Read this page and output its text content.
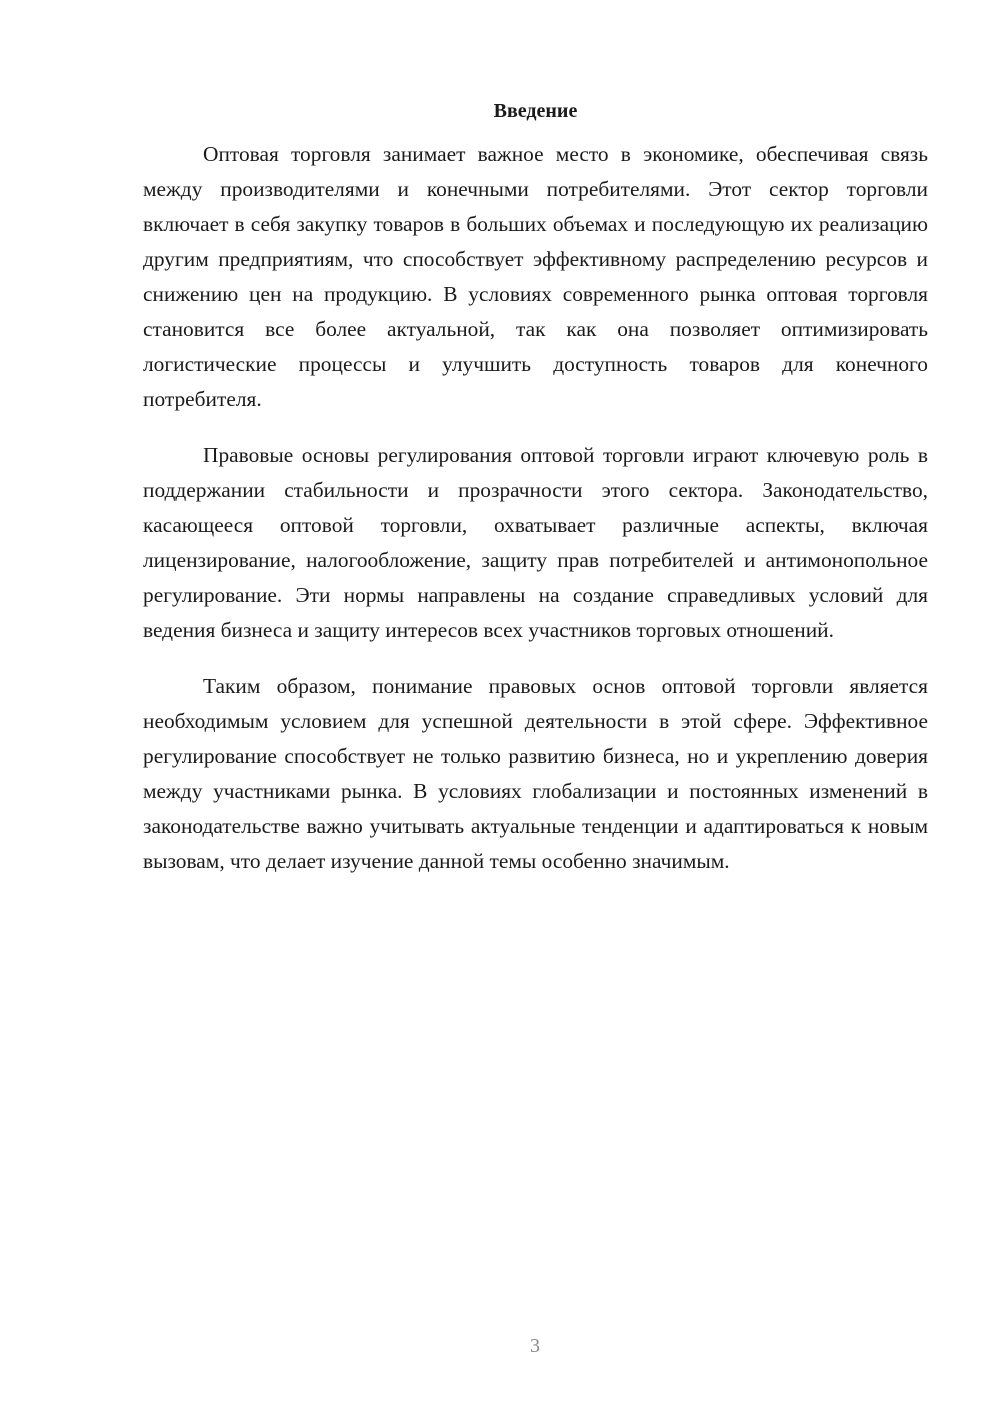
Введение

Оптовая торговля занимает важное место в экономике, обеспечивая связь между производителями и конечными потребителями. Этот сектор торговли включает в себя закупку товаров в больших объемах и последующую их реализацию другим предприятиям, что способствует эффективному распределению ресурсов и снижению цен на продукцию. В условиях современного рынка оптовая торговля становится все более актуальной, так как она позволяет оптимизировать логистические процессы и улучшить доступность товаров для конечного потребителя.

Правовые основы регулирования оптовой торговли играют ключевую роль в поддержании стабильности и прозрачности этого сектора. Законодательство, касающееся оптовой торговли, охватывает различные аспекты, включая лицензирование, налогообложение, защиту прав потребителей и антимонопольное регулирование. Эти нормы направлены на создание справедливых условий для ведения бизнеса и защиту интересов всех участников торговых отношений.

Таким образом, понимание правовых основ оптовой торговли является необходимым условием для успешной деятельности в этой сфере. Эффективное регулирование способствует не только развитию бизнеса, но и укреплению доверия между участниками рынка. В условиях глобализации и постоянных изменений в законодательстве важно учитывать актуальные тенденции и адаптироваться к новым вызовам, что делает изучение данной темы особенно значимым.

3
